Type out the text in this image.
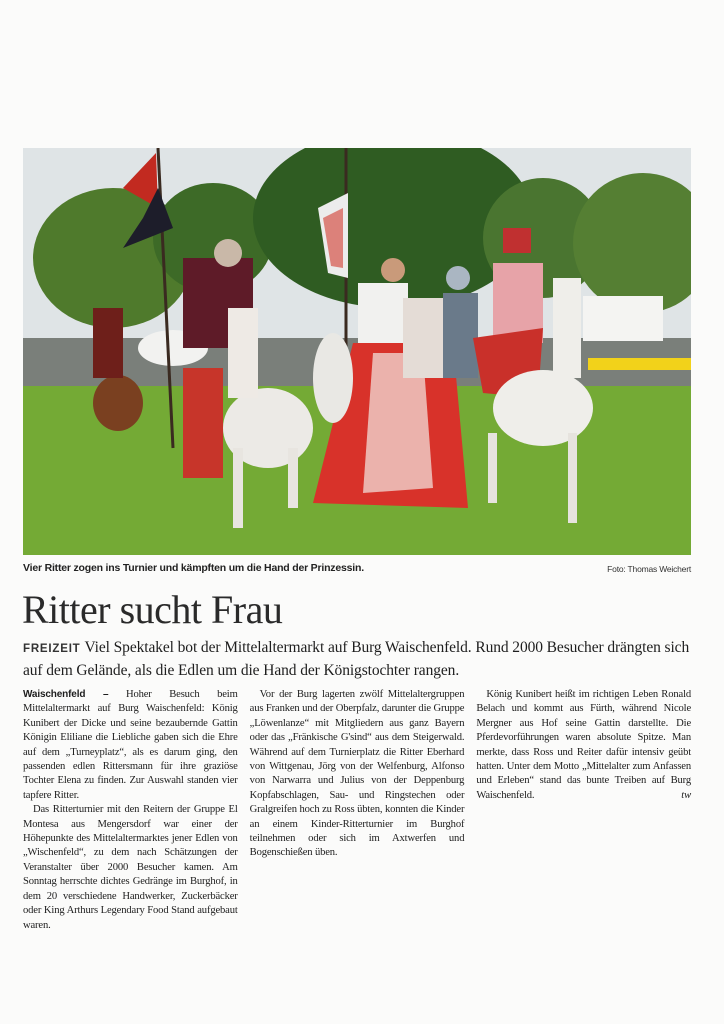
Vier Ritter zogen ins Turnier und kämpften um die Hand der Prinzessin.	Foto: Thomas Weichert
Ritter sucht Frau
FREIZEIT Viel Spektakel bot der Mittelaltermarkt auf Burg Waischenfeld. Rund 2000 Besucher drängten sich auf dem Gelände, als die Edlen um die Hand der Königstochter rangen.

Waischenfeld – Hoher Besuch beim Mittelaltermarkt auf Burg Waischenfeld: König Kunibert der Dicke und seine bezaubernde Gattin Königin Eliliane die Liebliche gaben sich die Ehre auf dem „Turneyplatz“, als es darum ging, den passenden edlen Rittersmann für ihre graziöse Tochter Elena zu finden. Zur Auswahl standen vier tapfere Ritter.

Das Ritterturnier mit den Reitern der Gruppe El Montesa aus Mengersdorf war einer der Höhepunkte des Mittelaltermarktes jener Edlen von „Wischenfeld“, zu dem nach Schätzungen der Veranstalter über 2000 Besucher kamen. Am Sonntag herrschte dichtes Gedränge im Burghof, in dem 20 verschiedene Handwerker, Zuckerbäcker oder King Arthurs Legendary Food Stand aufgebaut waren.

Vor der Burg lagerten zwölf Mittelaltergruppen aus Franken und der Oberpfalz, darunter die Gruppe „Löwenlanze“ mit Mitgliedern aus ganz Bayern oder das „Fränkische G'sind“ aus dem Steigerwald. Während auf dem Turnierplatz die Ritter Eberhard von Wittgenau, Jörg von der Welfenburg, Alfonso von Narwarra und Julius von der Deppenburg Kopfabschlagen, Sau- und Ringstechen oder Gralgreifen hoch zu Ross übten, konnten die Kinder an einem Kinder-Ritterturnier im Burghof teilnehmen oder sich im Axtwerfen und Bogenschießen üben.

König Kunibert heißt im richtigen Leben Ronald Belach und kommt aus Fürth, während Nicole Mergner aus Hof seine Gattin darstellte. Die Pferdevorführungen waren absolute Spitze. Man merkte, dass Ross und Reiter dafür intensiv geübt hatten. Unter dem Motto „Mittelalter zum Anfassen und Erleben“ stand das bunte Treiben auf Burg Waischenfeld.	tw
